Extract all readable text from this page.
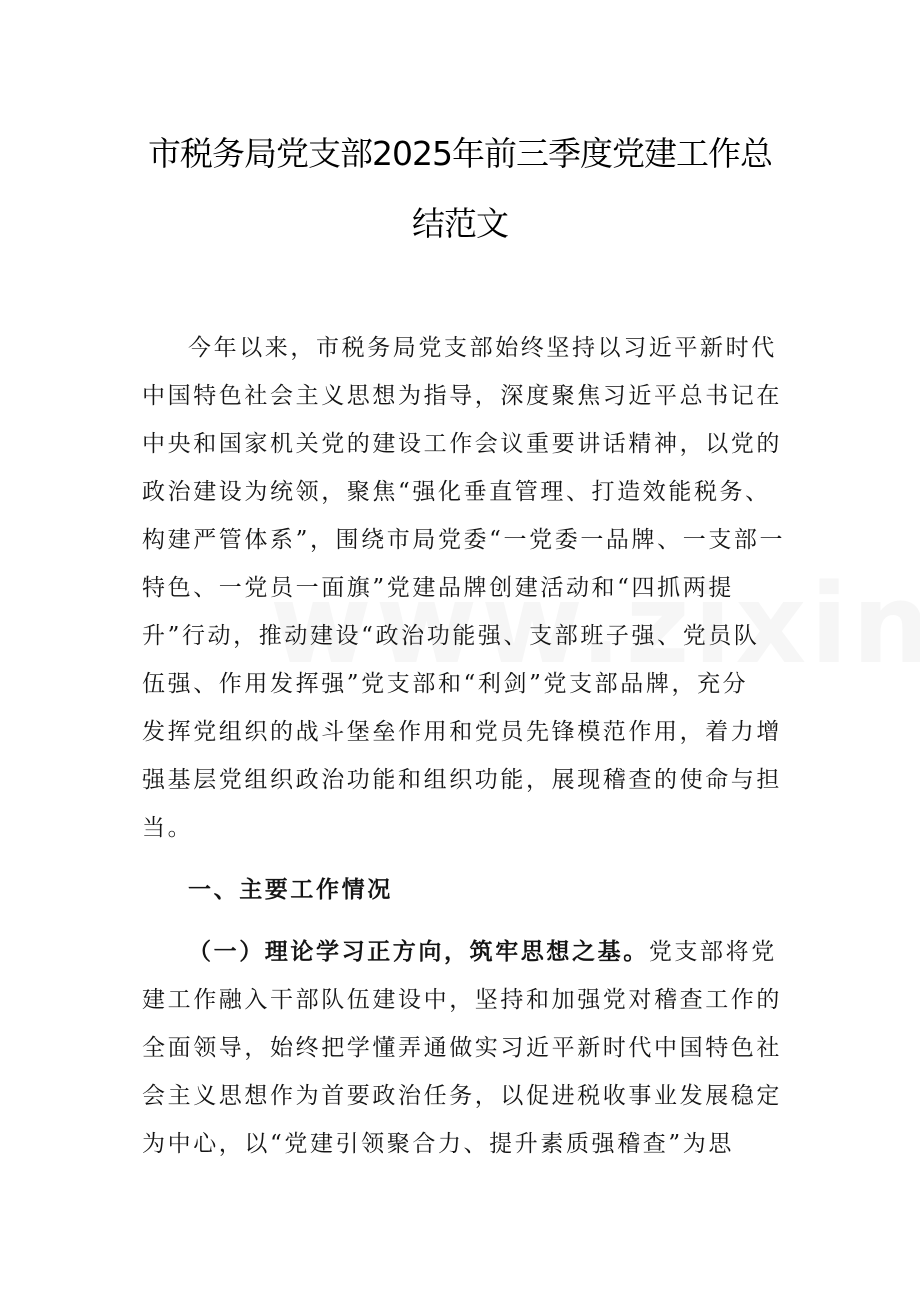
市税务局党支部2025年前三季度党建工作总
结范文
今年以来，市税务局党支部始终坚持以习近平新时代
中国特色社会主义思想为指导，深度聚焦习近平总书记在
中央和国家机关党的建设工作会议重要讲话精神，以党的
政治建设为统领，聚焦“强化垂直管理、打造效能税务、
构建严管体系”，围绕市局党委“一党委一品牌、一支部一
特色、一党员一面旗”党建品牌创建活动和“四抓两提
升”行动，推动建设“政治功能强、支部班子强、党员队
伍强、作用发挥强”党支部和“利剑”党支部品牌，充分
发挥党组织的战斗堡垒作用和党员先锋模范作用，着力增
强基层党组织政治功能和组织功能，展现稽查的使命与担
当。
一、主要工作情况
（一）理论学习正方向，筑牢思想之基。党支部将党
建工作融入干部队伍建设中，坚持和加强党对稽查工作的
全面领导，始终把学懂弄通做实习近平新时代中国特色社
会主义思想作为首要政治任务，以促进税收事业发展稳定
为中心，以“党建引领聚合力、提升素质强稽查”为思
